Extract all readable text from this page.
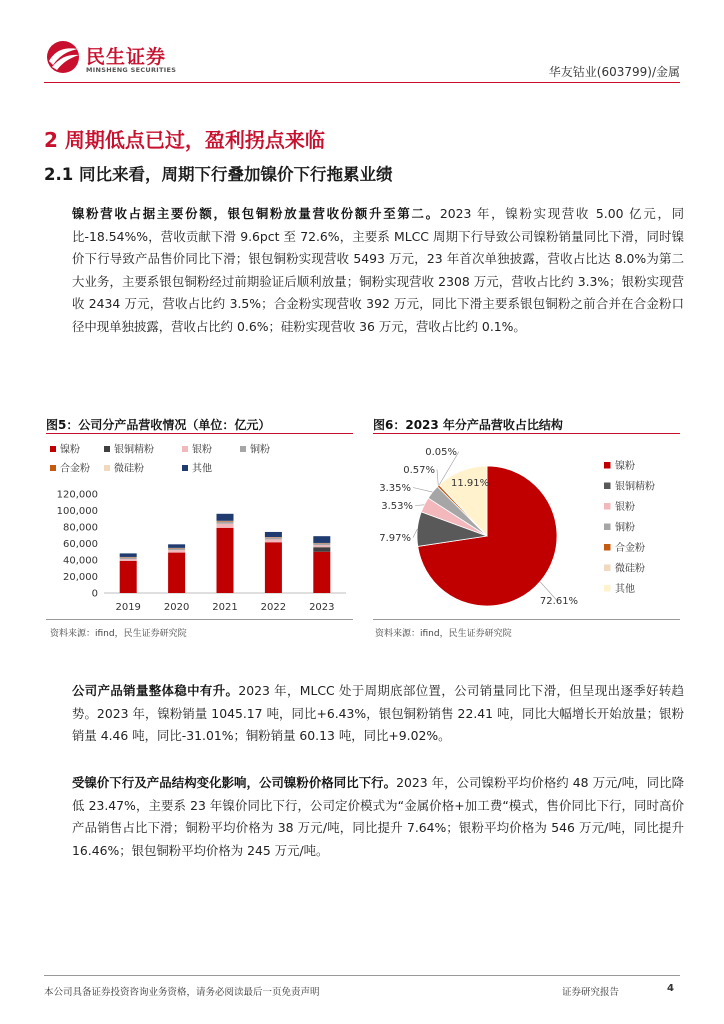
民生证券
MINSHENG SECURITIES	华友钴业(603799)/金属
2 周期低点已过，盈利拐点来临
2.1 同比来看，周期下行叠加镍价下行拖累业绩
镍粉营收占据主要份额，银包铜粉放量营收份额升至第二。2023 年，镍粉实现营收 5.00 亿元，同比-18.54%%，营收贡献下滑 9.6pct 至 72.6%，主要系 MLCC 周期下行导致公司镍粉销量同比下滑，同时镍价下行导致产品售价同比下滑；银包铜粉实现营收 5493 万元，23 年首次单独披露，营收占比达 8.0%为第二大业务，主要系银包铜粉经过前期验证后顺利放量；铜粉实现营收 2308 万元，营收占比约 3.3%；银粉实现营收 2434 万元，营收占比约 3.5%；合金粉实现营收 392 万元，同比下滑主要系银包铜粉之前合并在合金粉口径中现单独披露，营收占比约 0.6%；硅粉实现营收 36 万元，营收占比约 0.1%。
图5：公司分产品营收情况（单位：亿元）
镍粉	银铜精粉	银粉	铜粉
合金粉 微硅粉	其他
0
20,000
40,000
60,000
80,000
100,000
120,000
2019 2020 2021 2022 2023
资料来源：ifind，民生证券研究院
图6：2023 年分产品营收占比结构
72.61%
7.97%
3.53%
3.35%
0.57%
0.05%
11.91%
镍粉
银铜精粉
银粉
铜粉
合金粉
微硅粉
其他
资料来源：ifind，民生证券研究院
公司产品销量整体稳中有升。2023 年，MLCC 处于周期底部位置，公司销量同比下滑，但呈现出逐季好转趋势。2023 年，镍粉销量 1045.17 吨，同比+6.43%，银包铜粉销售 22.41 吨，同比大幅增长开始放量；银粉销量 4.46 吨，同比-31.01%；铜粉销量 60.13 吨，同比+9.02%。
受镍价下行及产品结构变化影响，公司镍粉价格同比下行。2023 年，公司镍粉平均价格约 48 万元/吨，同比降低 23.47%，主要系 23 年镍价同比下行，公司定价模式为“金属价格+加工费“模式，售价同比下行，同时高价产品销售占比下滑；铜粉平均价格为 38 万元/吨，同比提升 7.64%；银粉平均价格为 546 万元/吨，同比提升 16.46%；银包铜粉平均价格为 245 万元/吨。
本公司具备证券投资咨询业务资格，请务必阅读最后一页免责声明	证券研究报告	4
